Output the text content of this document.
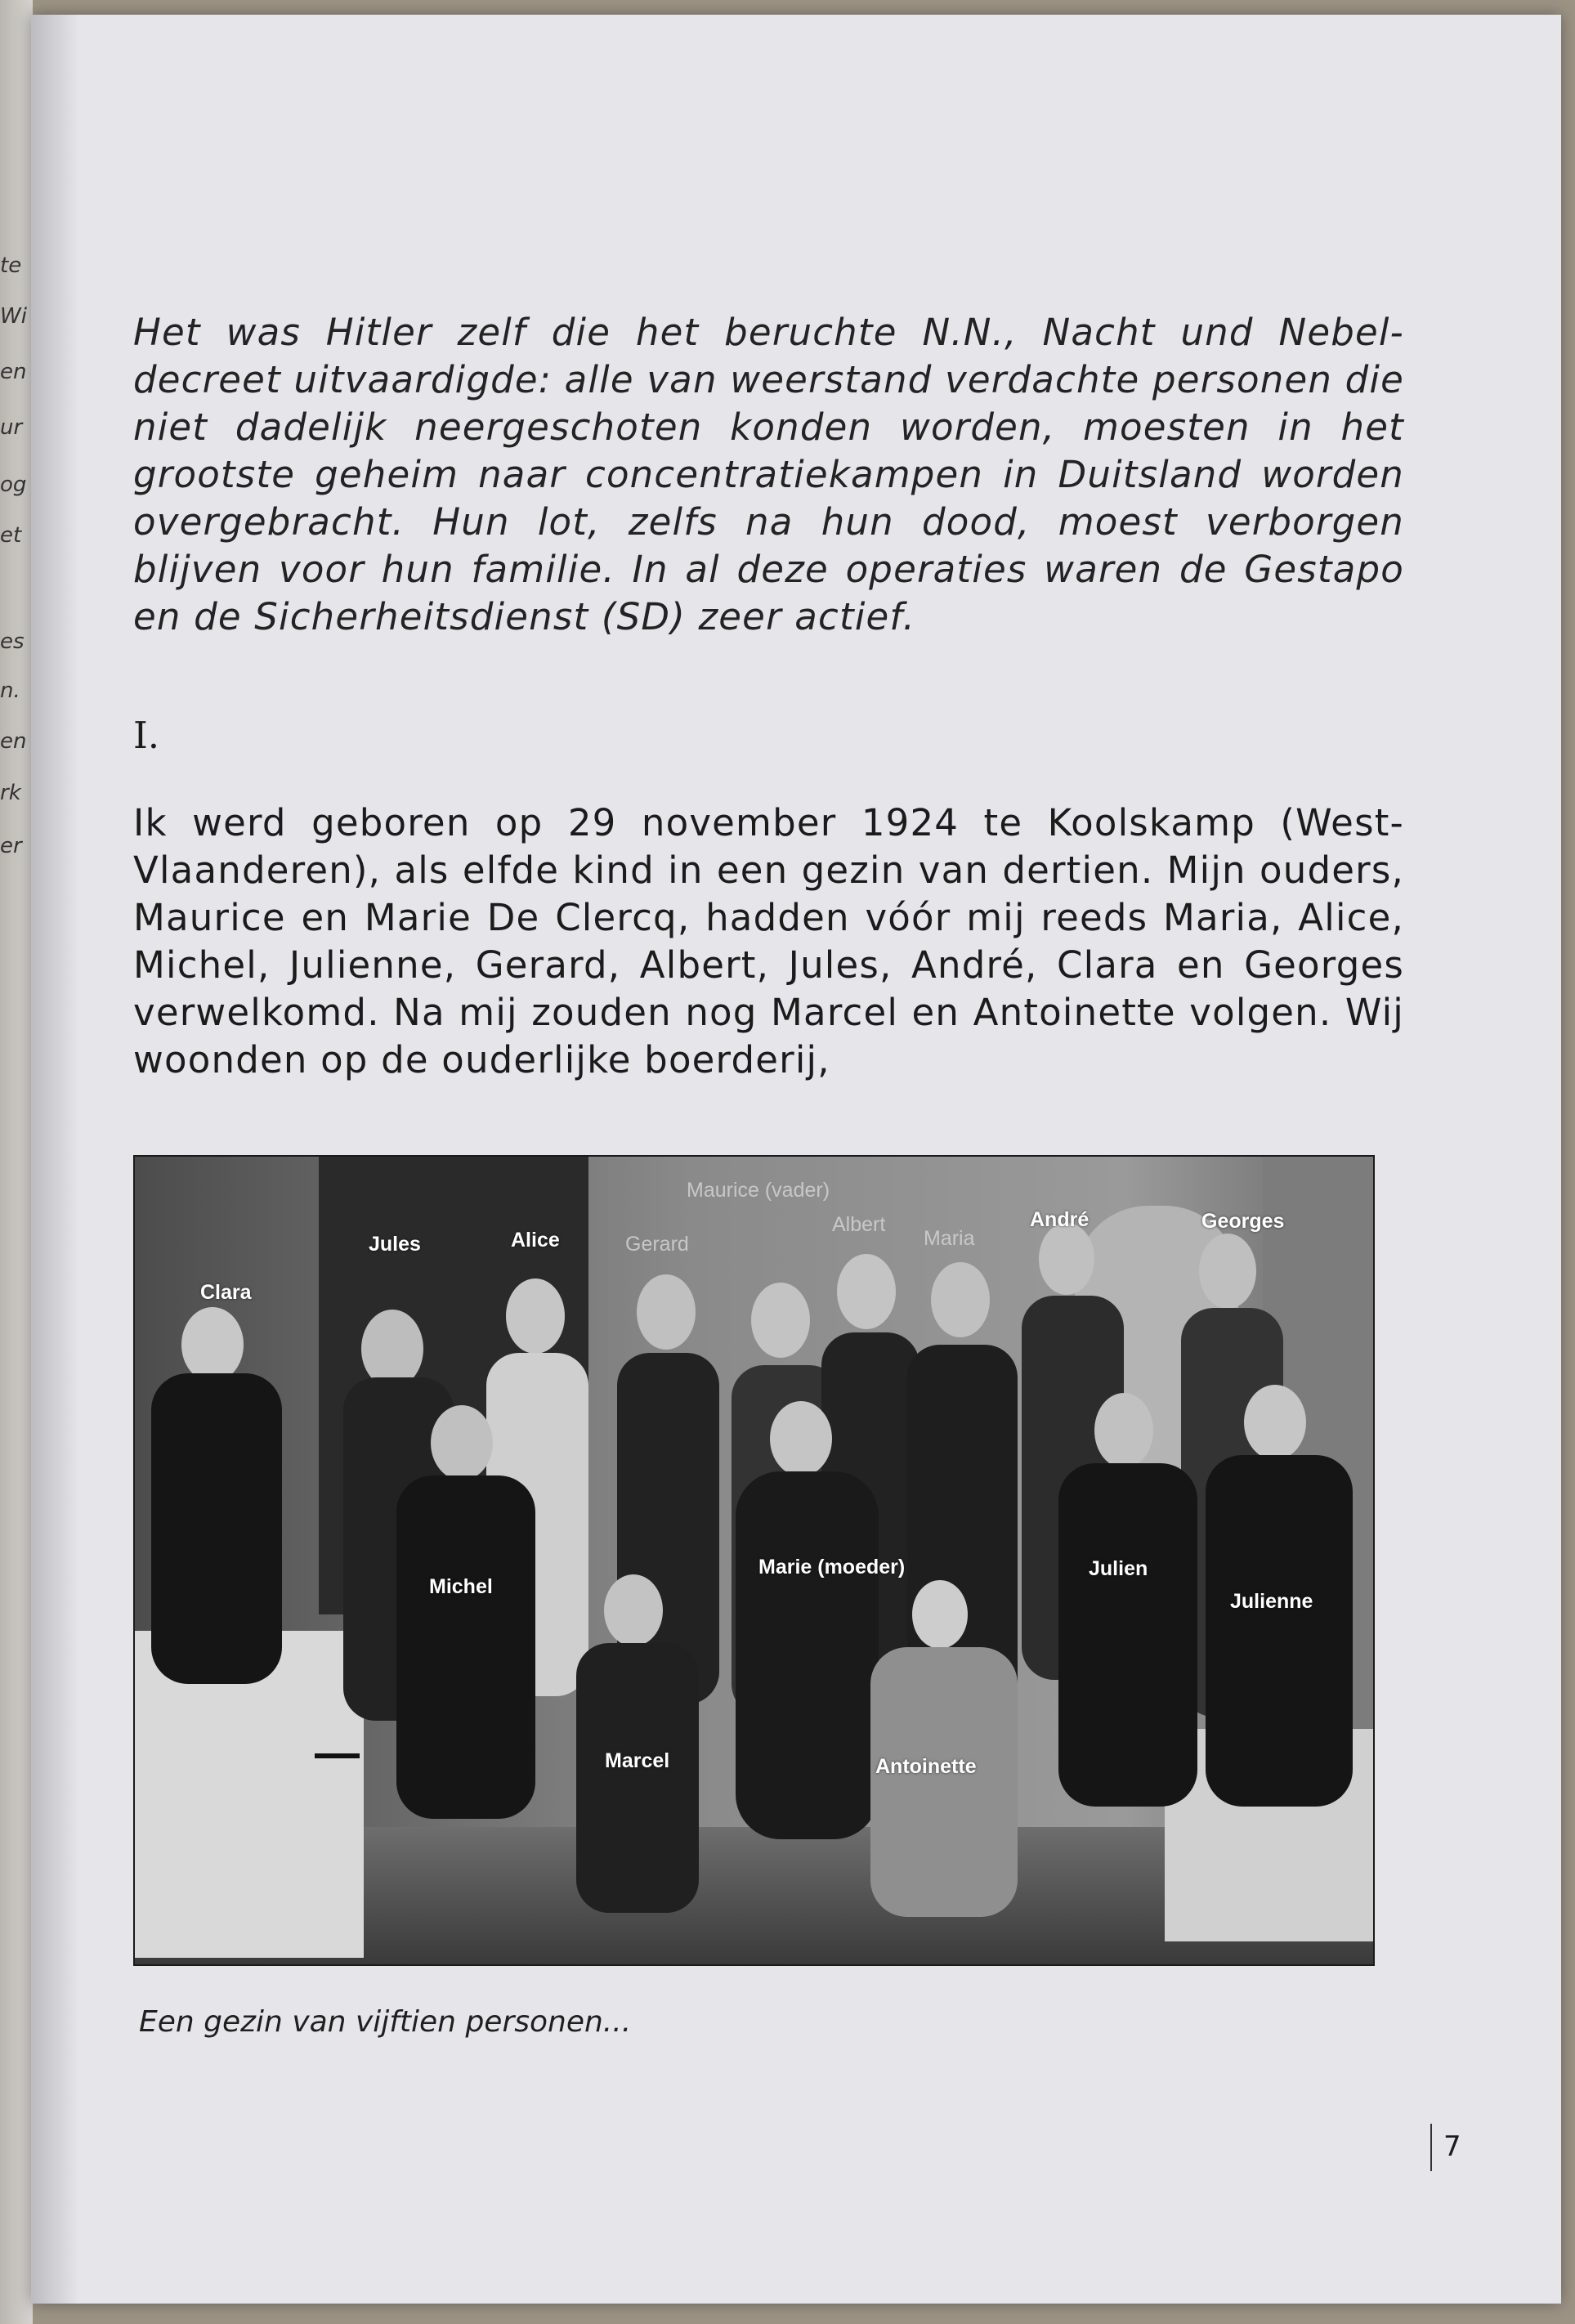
te
Wi
en
ur
og
et
es
n.
en
rk
er

Het was Hitler zelf die het beruchte N.N., Nacht und Nebel-decreet uitvaardigde: alle van weerstand verdachte personen die niet dadelijk neergeschoten konden worden, moesten in het grootste geheim naar concentratiekampen in Duitsland worden overgebracht. Hun lot, zelfs na hun dood, moest verborgen blijven voor hun familie. In al deze operaties waren de Gestapo en de Sicherheitsdienst (SD) zeer actief.

I.

Ik werd geboren op 29 november 1924 te Koolskamp (West-Vlaanderen), als elfde kind in een gezin van dertien. Mijn ouders, Maurice en Marie De Clercq, hadden vóór mij reeds Maria, Alice, Michel, Julienne, Gerard, Albert, Jules, André, Clara en Georges verwelkomd. Na mij zouden nog Marcel en Antoinette volgen. Wij woonden op de ouderlijke boerderij,

Clara
Jules	Alice	Gerard
Maurice (vader)
Albert
Maria
André	Georges
Michel
Marie (moeder)	Julien
Julienne
Marcel	Antoinette
Een gezin van vijftien personen...
7
